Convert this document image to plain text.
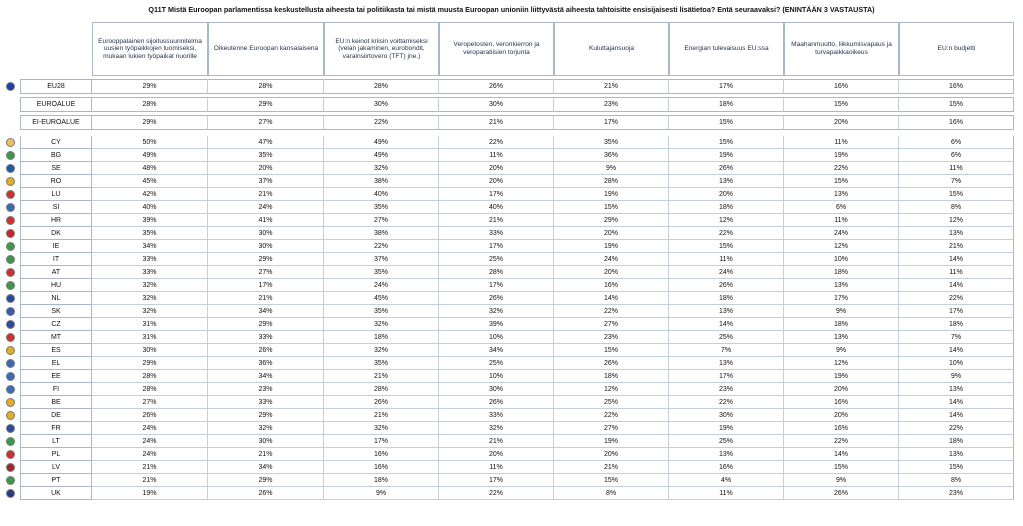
Q11T Mistä Euroopan parlamentissa keskustellusta aiheesta tai politiikasta tai mistä muusta Euroopan unioniin liittyvästä aiheesta tahtoisitte ensisijaisesti lisätietoa? Entä seuraavaksi? (ENINTÄÄN 3 VASTAUSTA)
		Eurooppalainen sijoitussuunnitelma uusien työpaikkojen luomiseksi, mukaan lukien työpaikat nuorille	Oikeutenne Euroopan kansalaisena	EU:n keinot kriisin voittamiseksi (velan jakaminen, eurobondit, varainsiirtovero (TFT) jne.)	Veropetosten, veronkierron ja veroparatiisien torjunta	Kuluttajansuoja	Energian tulevaisuus EU:ssa	Maahanmuutto, liikkumisvapaus ja turvapaikkaoikeus	EU:n budjetti

	EU28	29%	28%	28%	26%	21%	17%	16%	16%

	EUROALUE	28%	29%	30%	30%	23%	18%	15%	15%

	EI-EUROALUE	29%	27%	22%	21%	17%	15%	20%	16%

	CY	50%	47%	49%	22%	35%	15%	11%	6%
	BG	49%	35%	49%	11%	36%	19%	19%	6%
	SE	48%	20%	32%	20%	9%	26%	22%	11%
	RO	45%	37%	38%	20%	28%	13%	15%	7%
	LU	42%	21%	40%	17%	19%	20%	13%	15%
	SI	40%	24%	35%	40%	15%	18%	6%	8%
	HR	39%	41%	27%	21%	29%	12%	11%	12%
	DK	35%	30%	38%	33%	20%	22%	24%	13%
	IE	34%	30%	22%	17%	19%	15%	12%	21%
	IT	33%	29%	37%	25%	24%	11%	10%	14%
	AT	33%	27%	35%	28%	20%	24%	18%	11%
	HU	32%	17%	24%	17%	16%	26%	13%	14%
	NL	32%	21%	45%	26%	14%	18%	17%	22%
	SK	32%	34%	35%	32%	22%	13%	9%	17%
	CZ	31%	29%	32%	39%	27%	14%	18%	18%
	MT	31%	33%	18%	10%	23%	25%	13%	7%
	ES	30%	26%	32%	34%	15%	7%	9%	14%
	EL	29%	36%	35%	25%	26%	13%	12%	10%
	EE	28%	34%	21%	10%	18%	17%	19%	9%
	FI	28%	23%	28%	30%	12%	23%	20%	13%
	BE	27%	33%	26%	26%	25%	22%	16%	14%
	DE	26%	29%	21%	33%	22%	30%	20%	14%
	FR	24%	32%	32%	32%	27%	19%	16%	22%
	LT	24%	30%	17%	21%	19%	25%	22%	18%
	PL	24%	21%	16%	20%	20%	13%	14%	13%
	LV	21%	34%	16%	11%	21%	16%	15%	15%
	PT	21%	29%	18%	17%	15%	4%	9%	8%
	UK	19%	26%	9%	22%	8%	11%	26%	23%
